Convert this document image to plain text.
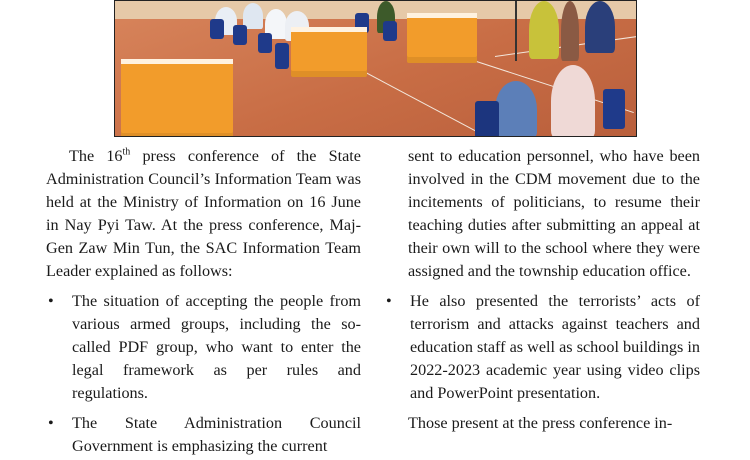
The 16th press conference of the State Administration Council’s Information Team was held at the Ministry of Information on 16 June in Nay Pyi Taw. At the press conference, Maj-Gen Zaw Min Tun, the SAC Information Team Leader explained as follows:

• The situation of accepting the people from various armed groups, including the so-called PDF group, who want to enter the legal framework as per rules and regulations.
• The State Administration Council Government is emphasizing the current

sent to education personnel, who have been involved in the CDM movement due to the incitements of politicians, to resume their teaching duties after submitting an appeal at their own will to the school where they were assigned and the township education office.

• He also presented the terrorists’ acts of terrorism and attacks against teachers and education staff as well as school buildings in 2022-2023 academic year using video clips and PowerPoint presentation.

Those present at the press conference in-
